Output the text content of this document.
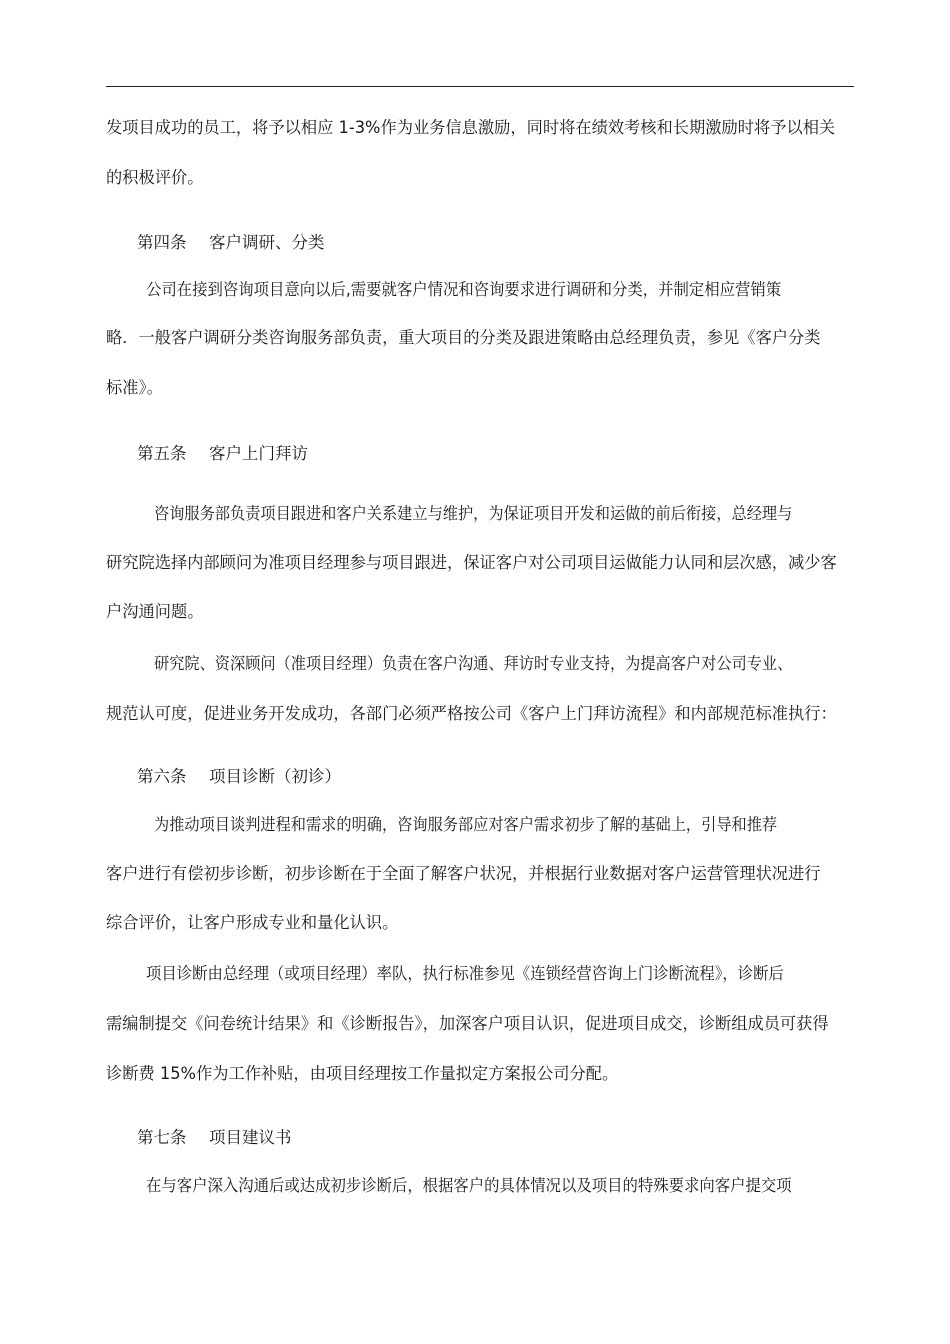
发项目成功的员工，将予以相应 1-3%作为业务信息激励，同时将在绩效考核和长期激励时将予以相关
的积极评价。
第四条 客户调研、分类
公司在接到咨询项目意向以后,需要就客户情况和咨询要求进行调研和分类，并制定相应营销策
略．一般客户调研分类咨询服务部负责，重大项目的分类及跟进策略由总经理负责，参见《客户分类
标准》。
第五条 客户上门拜访
咨询服务部负责项目跟进和客户关系建立与维护，为保证项目开发和运做的前后衔接，总经理与
研究院选择内部顾问为准项目经理参与项目跟进，保证客户对公司项目运做能力认同和层次感，减少客
户沟通问题。
研究院、资深顾问（准项目经理）负责在客户沟通、拜访时专业支持，为提高客户对公司专业、
规范认可度，促进业务开发成功，各部门必须严格按公司《客户上门拜访流程》和内部规范标准执行：
第六条 项目诊断（初诊）
为推动项目谈判进程和需求的明确，咨询服务部应对客户需求初步了解的基础上，引导和推荐
客户进行有偿初步诊断，初步诊断在于全面了解客户状况，并根据行业数据对客户运营管理状况进行
综合评价，让客户形成专业和量化认识。
项目诊断由总经理（或项目经理）率队，执行标准参见《连锁经营咨询上门诊断流程》，诊断后
需编制提交《问卷统计结果》和《诊断报告》，加深客户项目认识，促进项目成交，诊断组成员可获得
诊断费 15%作为工作补贴，由项目经理按工作量拟定方案报公司分配。
第七条 项目建议书
在与客户深入沟通后或达成初步诊断后，根据客户的具体情况以及项目的特殊要求向客户提交项
